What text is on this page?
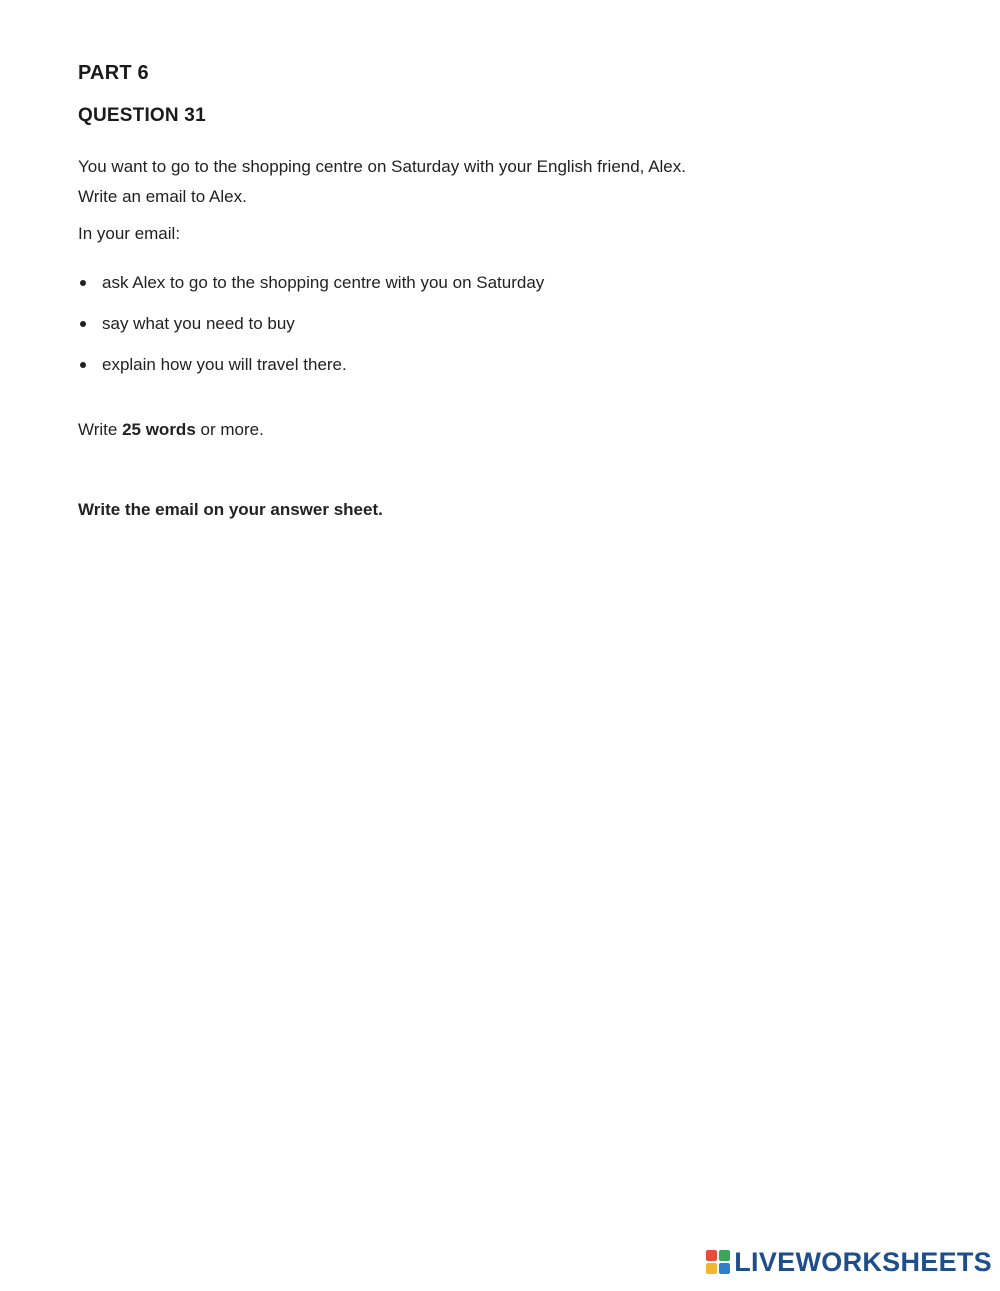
PART 6
QUESTION 31

You want to go to the shopping centre on Saturday with your English friend, Alex.

Write an email to Alex.

In your email:

ask Alex to go to the shopping centre with you on Saturday
say what you need to buy
explain how you will travel there.

Write 25 words or more.

Write the email on your answer sheet.

LIVEWORKSHEETS
